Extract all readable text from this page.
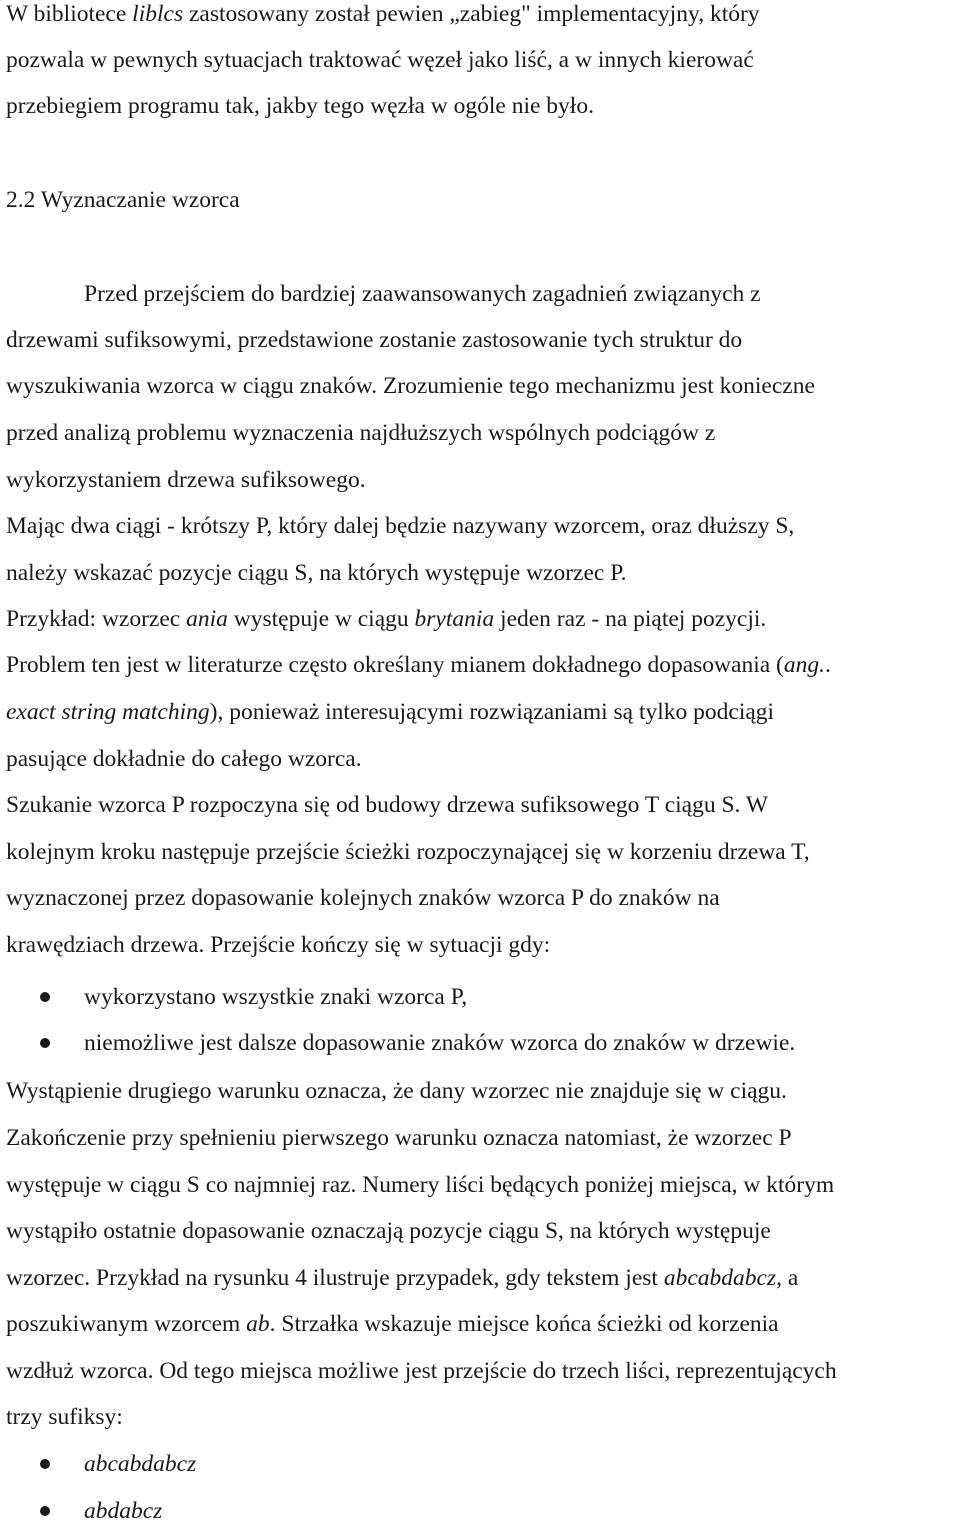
W bibliotece liblcs zastosowany został pewien „zabieg" implementacyjny, który
pozwala w pewnych sytuacjach traktować węzeł jako liść, a w innych kierować
przebiegiem programu tak, jakby tego węzła w ogóle nie było.
2.2 Wyznaczanie wzorca
Przed przejściem do bardziej zaawansowanych zagadnień związanych z
drzewami sufiksowymi, przedstawione zostanie zastosowanie tych struktur do
wyszukiwania wzorca w ciągu znaków. Zrozumienie tego mechanizmu jest konieczne
przed analizą problemu wyznaczenia najdłuższych wspólnych podciągów z
wykorzystaniem drzewa sufiksowego.
Mając dwa ciągi - krótszy P, który dalej będzie nazywany wzorcem, oraz dłuższy S,
należy wskazać pozycje ciągu S, na których występuje wzorzec P.
Przykład: wzorzec ania występuje w ciągu brytania jeden raz - na piątej pozycji.
Problem ten jest w literaturze często określany mianem dokładnego dopasowania (ang..
exact string matching), ponieważ interesującymi rozwiązaniami są tylko podciągi
pasujące dokładnie do całego wzorca.
Szukanie wzorca P rozpoczyna się od budowy drzewa sufiksowego T ciągu S. W
kolejnym kroku następuje przejście ścieżki rozpoczynającej się w korzeniu drzewa T,
wyznaczonej przez dopasowanie kolejnych znaków wzorca P do znaków na
krawędziach drzewa. Przejście kończy się w sytuacji gdy:
wykorzystano wszystkie znaki wzorca P,
niemożliwe jest dalsze dopasowanie znaków wzorca do znaków w drzewie.
Wystąpienie drugiego warunku oznacza, że dany wzorzec nie znajduje się w ciągu.
Zakończenie przy spełnieniu pierwszego warunku oznacza natomiast, że wzorzec P
występuje w ciągu S co najmniej raz. Numery liści będących poniżej miejsca, w którym
wystąpiło ostatnie dopasowanie oznaczają pozycje ciągu S, na których występuje
wzorzec. Przykład na rysunku 4 ilustruje przypadek, gdy tekstem jest abcabdabcz, a
poszukiwanym wzorcem ab. Strzałka wskazuje miejsce końca ścieżki od korzenia
wzdłuż wzorca. Od tego miejsca możliwe jest przejście do trzech liści, reprezentujących
trzy sufiksy:
abcabdabcz
abdabcz
